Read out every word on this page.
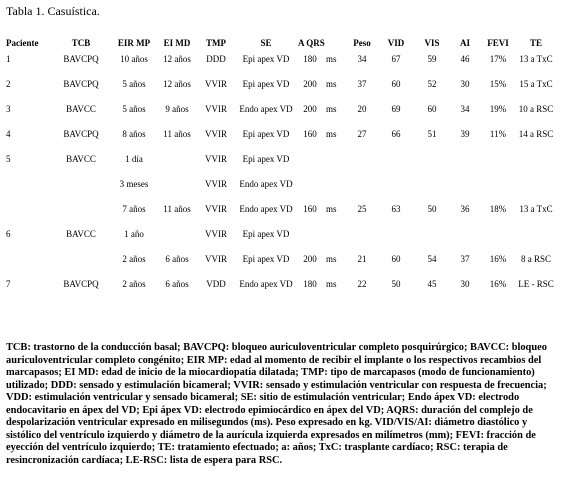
Tabla 1. Casuística.
Paciente	TCB	EIR MP	EI MD	TMP	SE	A QRS		Peso	VID	VIS	AI	FEVI	TE
1	BAVCPQ	10 años	12 años	DDD	Epi apex VD	180	ms	34	67	59	46	17%	13 a TxC
2	BAVCPQ	5 años	12 años	VVIR	Epi apex VD	200	ms	37	60	52	30	15%	15 a TxC
3	BAVCC	5 años	9 años	VVIR	Endo apex VD	200	ms	20	69	60	34	19%	10 a RSC
4	BAVCPQ	8 años	11 años	VVIR	Epi apex VD	160	ms	27	66	51	39	11%	14 a RSC
5	BAVCC	1 día		VVIR	Epi apex VD								
		3 meses		VVIR	Endo apex VD								
		7 años	11 años	VVIR	Endo apex VD	160	ms	25	63	50	36	18%	13 a TxC
6	BAVCC	1 año		VVIR	Epi apex VD								
		2 años	6 años	VVIR	Epi apex VD	200	ms	21	60	54	37	16%	8 a RSC
7	BAVCPQ	2 años	6 años	VDD	Endo apex VD	180	ms	22	50	45	30	16%	LE - RSC
TCB: trastorno de la conducción basal; BAVCPQ: bloqueo auriculoventricular completo posquirúrgico; BAVCC: bloqueo auriculoventricular completo congénito; EIR MP: edad al momento de recibir el implante o los respectivos recambios del marcapasos; EI MD: edad de inicio de la miocardiopatía dilatada; TMP: tipo de marcapasos (modo de funcionamiento) utilizado; DDD: sensado y estimulación bicameral; VVIR: sensado y estimulación ventricular con respuesta de frecuencia; VDD: estimulación ventricular y sensado bicameral; SE: sitio de estimulación ventricular; Endo ápex VD: electrodo endocavitario en ápex del VD; Epi ápex VD: electrodo epimiocárdico en ápex del VD; AQRS: duración del complejo de despolarización ventricular expresado en milisegundos (ms). Peso expresado en kg. VID/VIS/AI: diámetro diastólico y sistólico del ventrículo izquierdo y diámetro de la aurícula izquierda expresados en milímetros (mm); FEVI: fracción de eyección del ventrículo izquierdo; TE: tratamiento efectuado; a: años; TxC: trasplante cardíaco; RSC: terapia de resincronización cardíaca; LE-RSC: lista de espera para RSC.
